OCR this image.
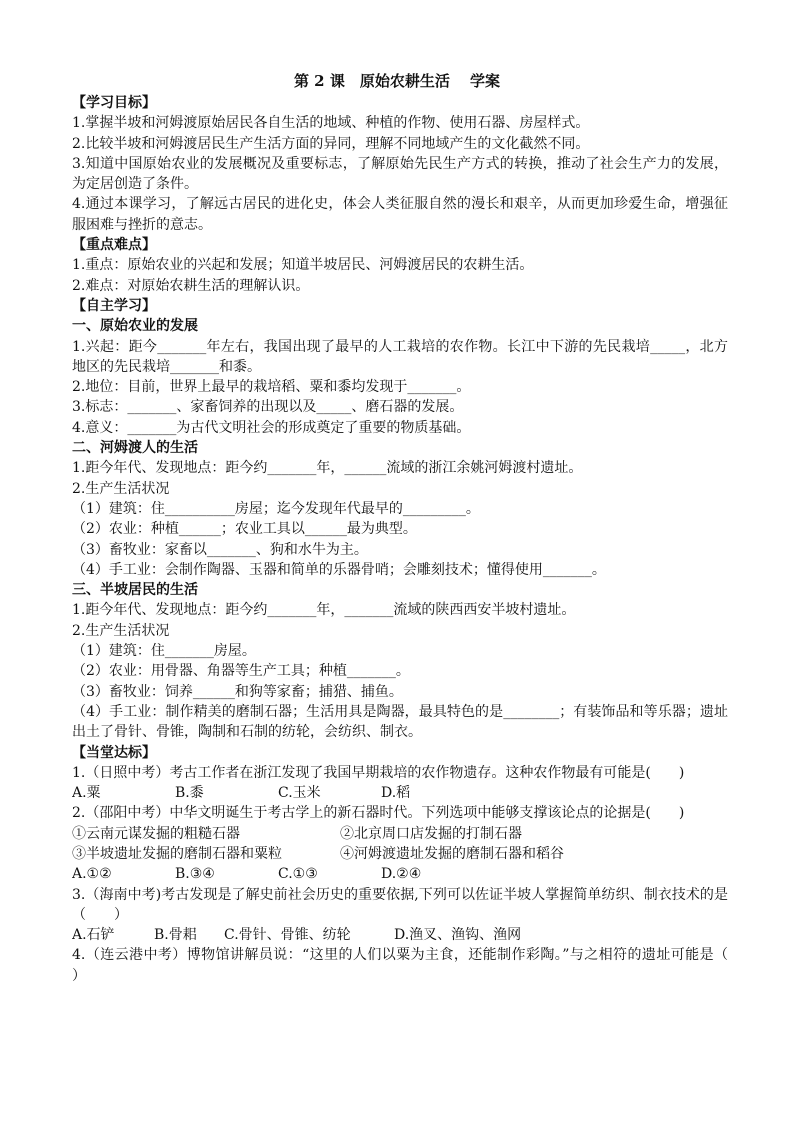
第 2 课　原始农耕生活　 学案

【学习目标】

1.掌握半坡和河姆渡原始居民各自生活的地域、种植的作物、使用石器、房屋样式。

2.比较半坡和河姆渡居民生产生活方面的异同，理解不同地域产生的文化截然不同。

3.知道中国原始农业的发展概况及重要标志，了解原始先民生产方式的转换，推动了社会生产力的发展，为定居创造了条件。

4.通过本课学习，了解远古居民的进化史，体会人类征服自然的漫长和艰辛，从而更加珍爱生命，增强征服困难与挫折的意志。

【重点难点】

1.重点：原始农业的兴起和发展；知道半坡居民、河姆渡居民的农耕生活。

2.难点：对原始农耕生活的理解认识。

【自主学习】

一、原始农业的发展

1.兴起：距今_______年左右，我国出现了最早的人工栽培的农作物。长江中下游的先民栽培_____，北方地区的先民栽培_______和黍。

2.地位：目前，世界上最早的栽培稻、粟和黍均发现于_______。

3.标志：_______、家畜饲养的出现以及_____、磨石器的发展。

4.意义：_______为古代文明社会的形成奠定了重要的物质基础。

二、河姆渡人的生活

1.距今年代、发现地点：距今约_______年，______流域的浙江余姚河姆渡村遗址。

2.生产生活状况

（1）建筑：住__________房屋；迄今发现年代最早的_________。

（2）农业：种植______；农业工具以______最为典型。

（3）畜牧业：家畜以_______、狗和水牛为主。

（4）手工业：会制作陶器、玉器和简单的乐器骨哨；会雕刻技术；懂得使用_______。

三、半坡居民的生活

1.距今年代、发现地点：距今约_______年，_______流域的陕西西安半坡村遗址。

2.生产生活状况

（1）建筑：住_______房屋。

（2）农业：用骨器、角器等生产工具；种植_______。

（3）畜牧业：饲养______和狗等家畜；捕猎、捕鱼。

（4）手工业：制作精美的磨制石器；生活用具是陶器，最具特色的是________；有装饰品和等乐器；遗址出土了骨针、骨锥，陶制和石制的纺轮，会纺织、制衣。

【当堂达标】

1.（日照中考）考古工作者在浙江发现了我国早期栽培的农作物遗存。这种农作物最有可能是(　　)

A.粟	B.黍	C.玉米	D.稻

2.（邵阳中考）中华文明诞生于考古学上的新石器时代。下列选项中能够支撑该论点的论据是(　　)

①云南元谋发掘的粗糙石器	②北京周口店发掘的打制石器
③半坡遗址发掘的磨制石器和粟粒	④河姆渡遗址发掘的磨制石器和稻谷
A.①②	B.③④	C.①③	D.②④

3.（海南中考)考古发现是了解史前社会历史的重要依据,下列可以佐证半坡人掌握简单纺织、制衣技术的是（　　）

A.石铲	B.骨耜	C.骨针、骨锥、纺轮	D.渔叉、渔钩、渔网

4.（连云港中考）博物馆讲解员说：“这里的人们以粟为主食，还能制作彩陶。”与之相符的遗址可能是（　　）
